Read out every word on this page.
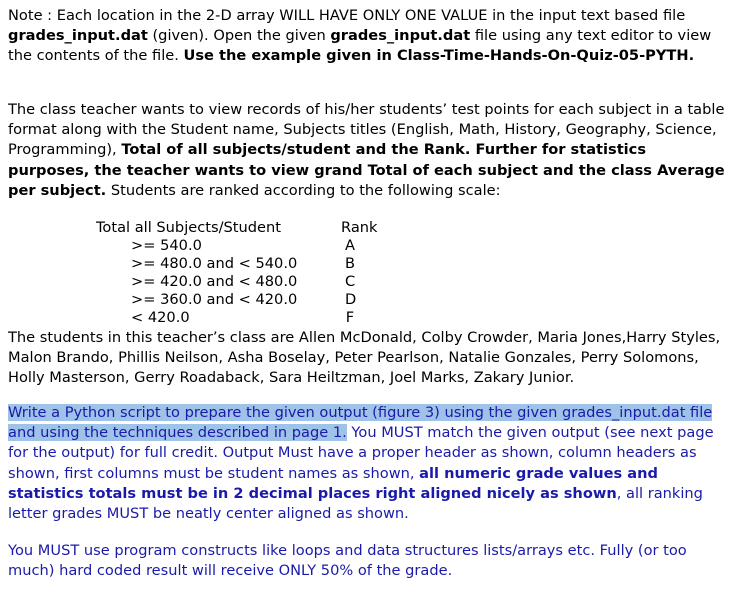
Note : Each location in the 2-D array WILL HAVE ONLY ONE VALUE in the input text based file grades_input.dat (given). Open the given grades_input.dat file using any text editor to view the contents of the file. Use the example given in Class-Time-Hands-On-Quiz-05-PYTH.

The class teacher wants to view records of his/her students’ test points for each subject in a table format along with the Student name, Subjects titles (English, Math, History, Geography, Science, Programming), Total of all subjects/student and the Rank. Further for statistics purposes, the teacher wants to view grand Total of each subject and the class Average per subject. Students are ranked according to the following scale:

Total all Subjects/Student	Rank
>= 540.0	A
>= 480.0 and < 540.0	B
>= 420.0 and < 480.0	C
>= 360.0 and < 420.0	D
< 420.0	F

The students in this teacher’s class are Allen McDonald, Colby Crowder, Maria Jones,Harry Styles, Malon Brando, Phillis Neilson, Asha Boselay, Peter Pearlson, Natalie Gonzales, Perry Solomons, Holly Masterson, Gerry Roadaback, Sara Heiltzman, Joel Marks, Zakary Junior.

Write a Python script to prepare the given output (figure 3) using the given grades_input.dat file and using the techniques described in page 1. You MUST match the given output (see next page for the output) for full credit. Output Must have a proper header as shown, column headers as shown, first columns must be student names as shown, all numeric grade values and statistics totals must be in 2 decimal places right aligned nicely as shown, all ranking letter grades MUST be neatly center aligned as shown.

You MUST use program constructs like loops and data structures lists/arrays etc. Fully (or too much) hard coded result will receive ONLY 50% of the grade.
